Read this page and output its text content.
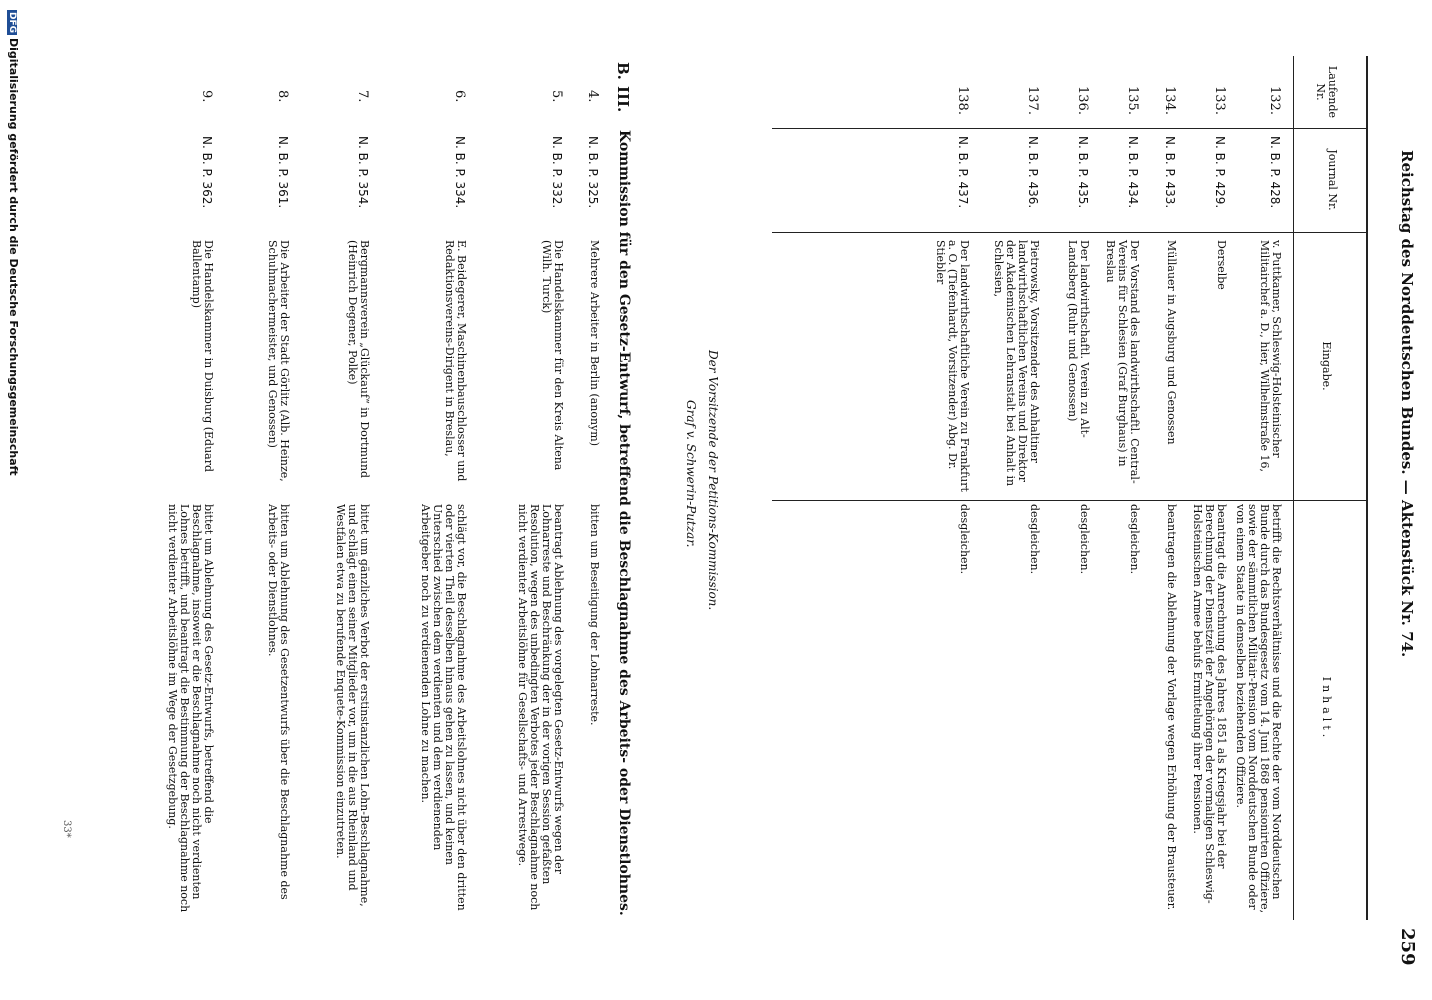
Reichstag des Norddeutschen Bundes. — Aktenstück Nr. 74.
259
Laufende Nr.
Journal Nr.
Eingabe.
Inhalt.
132.
N. B. P. 428.
v. Puttkamer, Schleswig-Holsteinischer Militairchef a. D., hier, Wilhelmstraße 16,
betrifft die Rechtsverhältnisse und die Rechte der vom Norddeutschen Bunde durch das Bundesgesetz vom 14. Juni 1868 pensionirten Offiziere, sowie der sämmtlichen Militair-Pension vom Norddeutschen Bunde oder von einem Staate in demselben beziehenden Offiziere.
133.
N. B. P. 429.
Derselbe
beantragt die Anrechnung des Jahres 1851 als Kriegsjahr bei der Berechnung der Dienstzeit der Angehörigen der vormaligen Schleswig-Holsteinischen Armee behufs Ermittelung ihrer Pensionen.
134.
N. B. P. 433.
Müllauer in Augsburg und Genossen
beantragen die Ablehnung der Vorlage wegen Erhöhung der Brausteuer.
135.
N. B. P. 434.
Der Vorstand des landwirthschaftl. Central-Vereins für Schlesien (Graf Burghaus) in Breslau
desgleichen.
136.
N. B. P. 435.
Der landwirthschaftl. Verein zu Alt-Landsberg (Ruhr und Genossen)
desgleichen.
137.
N. B. P. 436.
Pietrowsky, Vorsitzender des Anhaltiner landwirthschaftlichen Vereins und Direktor der Akademischen Lehranstalt bei Anhalt in Schlesien,
desgleichen.
138.
N. B. P. 437.
Der landwirthschaftliche Verein zu Frankfurt a. O. (Tiefenhardt, Vorsitzender) Abg. Dr. Stiebler
desgleichen.
Der Vorsitzende der Petitions-Kommission.
Graf v. Schwerin-Putzar.
B.
III.
Kommission für den Gesetz-Entwurf, betreffend die Beschlagnahme des Arbeits- oder Dienstlohnes.
4.
N. B. P. 325.
Mehrere Arbeiter in Berlin (anonym)
bitten um Beseitigung der Lohnarreste.
5.
N. B. P. 332.
Die Handelskammer für den Kreis Altena (Wilh. Turck)
beantragt Ablehnung des vorgelegten Gesetz-Entwurfs wegen der Lohnarreste und Beschränkung der in der vorigen Session gefaßten Resolution, wegen des unbedingten Verbotes jeder Beschlagnahme noch nicht verdienter Arbeitslöhne für Gesellschafts- und Arrestwege.
6.
N. B. P. 334.
E. Beidegerer, Maschinenbauschlosser und Redaktionsvereins-Dirigent in Breslau,
schlägt vor, die Beschlagnahme des Arbeitslohnes nicht über den dritten oder vierten Theil desselben hinaus gehen zu lassen, und keinen Unterschied zwischen dem verdienten und dem verdienenden Arbeitgeber noch zu verdienenden Lohne zu machen.
7.
N. B. P. 354.
Bergmannsverein „Glückauf“ in Dortmund (Heinrich Degener, Polke)
bittet um gänzliches Verbot der erstinstanzlichen Lohn-Beschlagnahme, und schlägt einen seiner Mitglieder vor, um in die aus Rheinland und Westfalen etwa zu berufende Enquete-Kommission einzutreten.
8.
N. B. P. 361.
Die Arbeiter der Stadt Görlitz (Alb. Heinze, Schuhmachermeister, und Genossen)
bitten um Ablehnung des Gesetzentwurfs über die Beschlagnahme des Arbeits- oder Dienstlohnes.
9.
N. B. P. 362.
Die Handelskammer in Duisburg (Eduard Ballentamp)
bittet um Ablehnung des Gesetz-Entwurfs, betreffend die Beschlagnahme, insoweit er die Beschlagnahme noch nicht verdienten Lohnes betrifft, und beantragt die Bestimmung der Beschlagnahme noch nicht verdienter Arbeitslöhne im Wege der Gesetzgebung.
33*
DFGDigitalisierung gefördert durch die Deutsche Forschungsgemeinschaft
